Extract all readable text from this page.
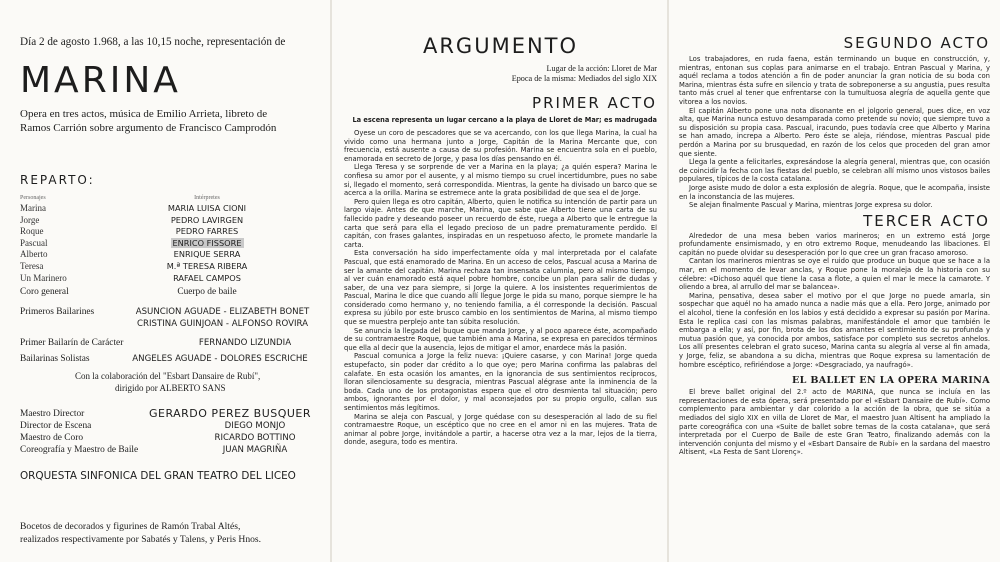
Día 2 de agosto 1.968, a las 10,15 noche, representación de

MARINA

Opera en tres actos, música de Emilio Arrieta, libreto de
Ramos Carrión sobre argumento de Francisco Camprodón

REPARTO:
Personajes	Intérpretes
Marina	MARIA LUISA CIONI
Jorge	PEDRO LAVIRGEN
Roque	PEDRO FARRES
Pascual	ENRICO FISSORE
Alberto	ENRIQUE SERRA
Teresa	M.ª TERESA RIBERA
Un Marinero	RAFAEL CAMPOS
Coro general	Cuerpo de baile
Primeros Bailarines	ASUNCION AGUADE - ELIZABETH BONET
CRISTINA GUINJOAN - ALFONSO ROVIRA
Primer Bailarín de Carácter	FERNANDO LIZUNDIA
Bailarinas Solistas	ANGELES AGUADE - DOLORES ESCRICHE
Con la colaboración del "Esbart Dansaire de Rubí",
dirigido por ALBERTO SANS
Maestro Director	GERARDO PEREZ BUSQUER
Director de Escena	DIEGO MONJO
Maestro de Coro	RICARDO BOTTINO
Coreografía y Maestro de Baile	JUAN MAGRIÑA
ORQUESTA SINFONICA DEL GRAN TEATRO DEL LICEO

Bocetos de decorados y figurines de Ramón Trabal Altés,
realizados respectivamente por Sabatés y Talens, y Peris Hnos.

ARGUMENTO

Lugar de la acción: Lloret de Mar

Epoca de la misma: Mediados del siglo XIX

PRIMER ACTO

La escena representa un lugar cercano a la playa de Lloret de Mar; es madrugada

Oyese un coro de pescadores que se va acercando, con los que llega Marina, la cual ha vivido como una hermana junto a Jorge, Capitán de la Marina Mercante que, con frecuencia, está ausente a causa de su profesión. Marina se encuentra sola en el pueblo, enamorada en secreto de Jorge, y pasa los días pensando en él.

Llega Teresa y se sorprende de ver a Marina en la playa; ¿a quién espera? Marina le confiesa su amor por el ausente, y al mismo tiempo su cruel incertidumbre, pues no sabe si, llegado el momento, será correspondida. Mientras, la gente ha divisado un barco que se acerca a la orilla. Marina se estremece ante la grata posibilidad de que sea el de Jorge.

Pero quien llega es otro capitán, Alberto, quien le notifica su intención de partir para un largo viaje. Antes de que marche, Marina, que sabe que Alberto tiene una carta de su fallecido padre y deseando poseer un recuerdo de éste, ruega a Alberto que le entregue la carta que será para ella el legado precioso de un padre prematuramente perdido. El capitán, con frases galantes, inspiradas en un respetuoso afecto, le promete mandarle la carta.

Esta conversación ha sido imperfectamente oída y mal interpretada por el calafate Pascual, que está enamorado de Marina. En un acceso de celos, Pascual acusa a Marina de ser la amante del capitán. Marina rechaza tan insensata calumnia, pero al mismo tiempo, al ver cuán enamorado está aquel pobre hombre, concibe un plan para salir de dudas y saber, de una vez para siempre, si Jorge la quiere. A los insistentes requerimientos de Pascual, Marina le dice que cuando allí llegue Jorge le pida su mano, porque siempre le ha considerado como hermano y, no teniendo familia, a él corresponde la decisión. Pascual expresa su júbilo por este brusco cambio en los sentimientos de Marina, al mismo tiempo que se muestra perplejo ante tan súbita resolución.

Se anuncia la llegada del buque que manda Jorge, y al poco aparece éste, acompañado de su contramaestre Roque, que también ama a Marina, se expresa en parecidos términos que ella al decir que la ausencia, lejos de mitigar el amor, enardece más la pasión.

Pascual comunica a Jorge la feliz nueva: ¡Quiere casarse, y con Marina! Jorge queda estupefacto, sin poder dar crédito a lo que oye; pero Marina confirma las palabras del calafate. En esta ocasión los amantes, en la ignorancia de sus sentimientos recíprocos, lloran silenciosamente su desgracia, mientras Pascual alégrase ante la inminencia de la boda. Cada uno de los protagonistas espera que el otro desmienta tal situación; pero ambos, ignorantes por el dolor, y mal aconsejados por su propio orgullo, callan sus sentimientos más legítimos.

Marina se aleja con Pascual, y Jorge quédase con su desesperación al lado de su fiel contramaestre Roque, un escéptico que no cree en el amor ni en las mujeres. Trata de animar al pobre Jorge, invitándole a partir, a hacerse otra vez a la mar, lejos de la tierra, donde, asegura, todo es mentira.

SEGUNDO ACTO

Los trabajadores, en ruda faena, están terminando un buque en construcción, y, mientras, entonan sus coplas para animarse en el trabajo. Entran Pascual y Marina, y aquél reclama a todos atención a fin de poder anunciar la gran noticia de su boda con Marina, mientras ésta sufre en silencio y trata de sobreponerse a su angustia, pues resulta tanto más cruel al tener que enfrentarse con la tumultuosa alegría de aquella gente que vitorea a los novios.

El capitán Alberto pone una nota disonante en el jolgorio general, pues dice, en voz alta, que Marina nunca estuvo desamparada como pretende su novio; que siempre tuvo a su disposición su propia casa. Pascual, iracundo, pues todavía cree que Alberto y Marina se han amado, increpa a Alberto. Pero éste se aleja, riéndose, mientras Pascual pide perdón a Marina por su brusquedad, en razón de los celos que proceden del gran amor que siente.

Llega la gente a felicitarles, expresándose la alegría general, mientras que, con ocasión de coincidir la fecha con las fiestas del pueblo, se celebran allí mismo unos vistosos bailes populares, típicos de la costa catalana.

Jorge asiste mudo de dolor a esta explosión de alegría. Roque, que le acompaña, insiste en la inconstancia de las mujeres.

Se alejan finalmente Pascual y Marina, mientras Jorge expresa su dolor.

TERCER ACTO

Alrededor de una mesa beben varios marineros; en un extremo está Jorge profundamente ensimismado, y en otro extremo Roque, menudeando las libaciones. El capitán no puede olvidar su desesperación por lo que cree un gran fracaso amoroso.

Cantan los marineros mientras se oye el ruido que produce un buque que se hace a la mar, en el momento de levar anclas, y Roque pone la moraleja de la historia con su célebre: «Dichoso aquél que tiene la casa a flote, a quien el mar le mece la camarote. Y oliendo a brea, al arrullo del mar se balancea».

Marina, pensativa, desea saber el motivo por el que Jorge no puede amarla, sin sospechar que aquél no ha amado nunca a nadie más que a ella. Pero Jorge, animado por el alcohol, tiene la confesión en los labios y está decidido a expresar su pasión por Marina. Esta le replica casi con las mismas palabras, manifestándole el amor que también le embarga a ella; y así, por fin, brota de los dos amantes el sentimiento de su profunda y mutua pasión que, ya conocida por ambos, satisface por completo sus secretos anhelos. Los allí presentes celebran el grato suceso, Marina canta su alegría al verse al fin amada, y Jorge, feliz, se abandona a su dicha, mientras que Roque expresa su lamentación de hombre escéptico, refiriéndose a Jorge: «Desgraciado, ya naufragó».

EL BALLET EN LA OPERA MARINA

El breve ballet original del 2.º acto de MARINA, que nunca se incluía en las representaciones de esta ópera, será presentado por el «Esbart Dansaire de Rubí». Como complemento para ambientar y dar colorido a la acción de la obra, que se sitúa a mediados del siglo XIX en villa de Lloret de Mar, el maestro Juan Altisent ha ampliado la parte coreográfica con una «Suite de ballet sobre temas de la costa catalana», que será interpretada por el Cuerpo de Baile de este Gran Teatro, finalizando además con la intervención conjunta del mismo y el «Esbart Dansaire de Rubí» en la sardana del maestro Altisent, «La Festa de Sant Llorenç».
